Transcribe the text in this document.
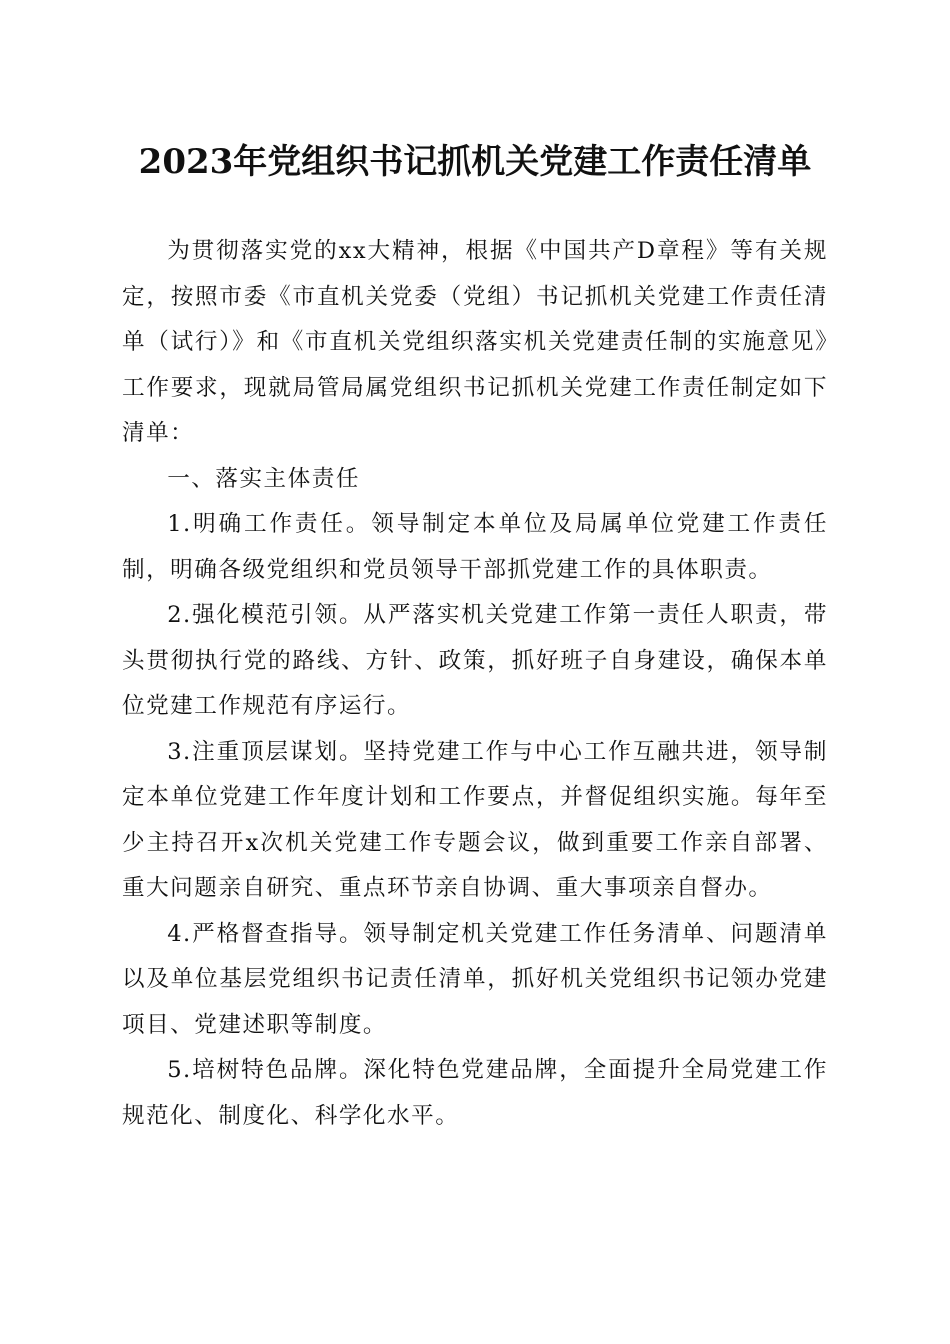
2023年党组织书记抓机关党建工作责任清单

为贯彻落实党的xx大精神，根据《中国共产D章程》等有关规定，按照市委《市直机关党委（党组）书记抓机关党建工作责任清单（试行）》和《市直机关党组织落实机关党建责任制的实施意见》工作要求，现就局管局属党组织书记抓机关党建工作责任制定如下清单：

一、落实主体责任

1.明确工作责任。领导制定本单位及局属单位党建工作责任制，明确各级党组织和党员领导干部抓党建工作的具体职责。

2.强化模范引领。从严落实机关党建工作第一责任人职责，带头贯彻执行党的路线、方针、政策，抓好班子自身建设，确保本单位党建工作规范有序运行。

3.注重顶层谋划。坚持党建工作与中心工作互融共进，领导制定本单位党建工作年度计划和工作要点，并督促组织实施。每年至少主持召开x次机关党建工作专题会议，做到重要工作亲自部署、重大问题亲自研究、重点环节亲自协调、重大事项亲自督办。

4.严格督查指导。领导制定机关党建工作任务清单、问题清单以及单位基层党组织书记责任清单，抓好机关党组织书记领办党建项目、党建述职等制度。

5.培树特色品牌。深化特色党建品牌，全面提升全局党建工作规范化、制度化、科学化水平。
